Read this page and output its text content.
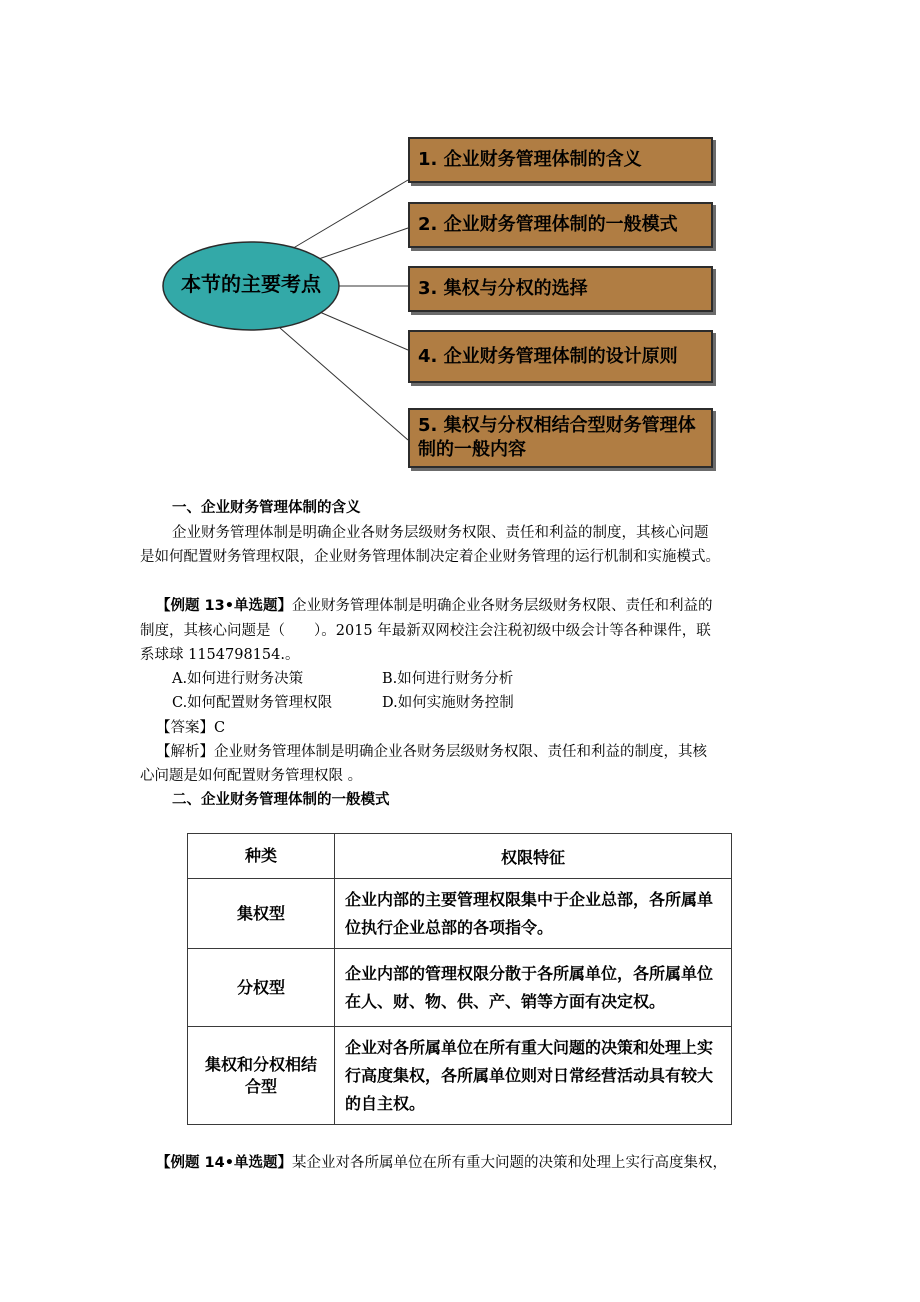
本节的主要考点
1. 企业财务管理体制的含义
2. 企业财务管理体制的一般模式
3. 集权与分权的选择
4. 企业财务管理体制的设计原则
5. 集权与分权相结合型财务管理体制的一般内容
一、企业财务管理体制的含义
企业财务管理体制是明确企业各财务层级财务权限、责任和利益的制度，其核心问题
是如何配置财务管理权限，企业财务管理体制决定着企业财务管理的运行机制和实施模式。
【例题 13•单选题】企业财务管理体制是明确企业各财务层级财务权限、责任和利益的
制度，其核心问题是（　　）。2015 年最新双网校注会注税初级中级会计等各种课件，联
系球球 1154798154.。
A.如何进行财务决策	B.如何进行财务分析
C.如何配置财务管理权限	D.如何实施财务控制
【答案】C
【解析】企业财务管理体制是明确企业各财务层级财务权限、责任和利益的制度，其核
心问题是如何配置财务管理权限 。
二、企业财务管理体制的一般模式
种类	权限特征
集权型	企业内部的主要管理权限集中于企业总部，各所属单位执行企业总部的各项指令。
分权型	企业内部的管理权限分散于各所属单位，各所属单位在人、财、物、供、产、销等方面有决定权。
集权和分权相结合型	企业对各所属单位在所有重大问题的决策和处理上实行高度集权，各所属单位则对日常经营活动具有较大的自主权。
【例题 14•单选题】某企业对各所属单位在所有重大问题的决策和处理上实行高度集权，
